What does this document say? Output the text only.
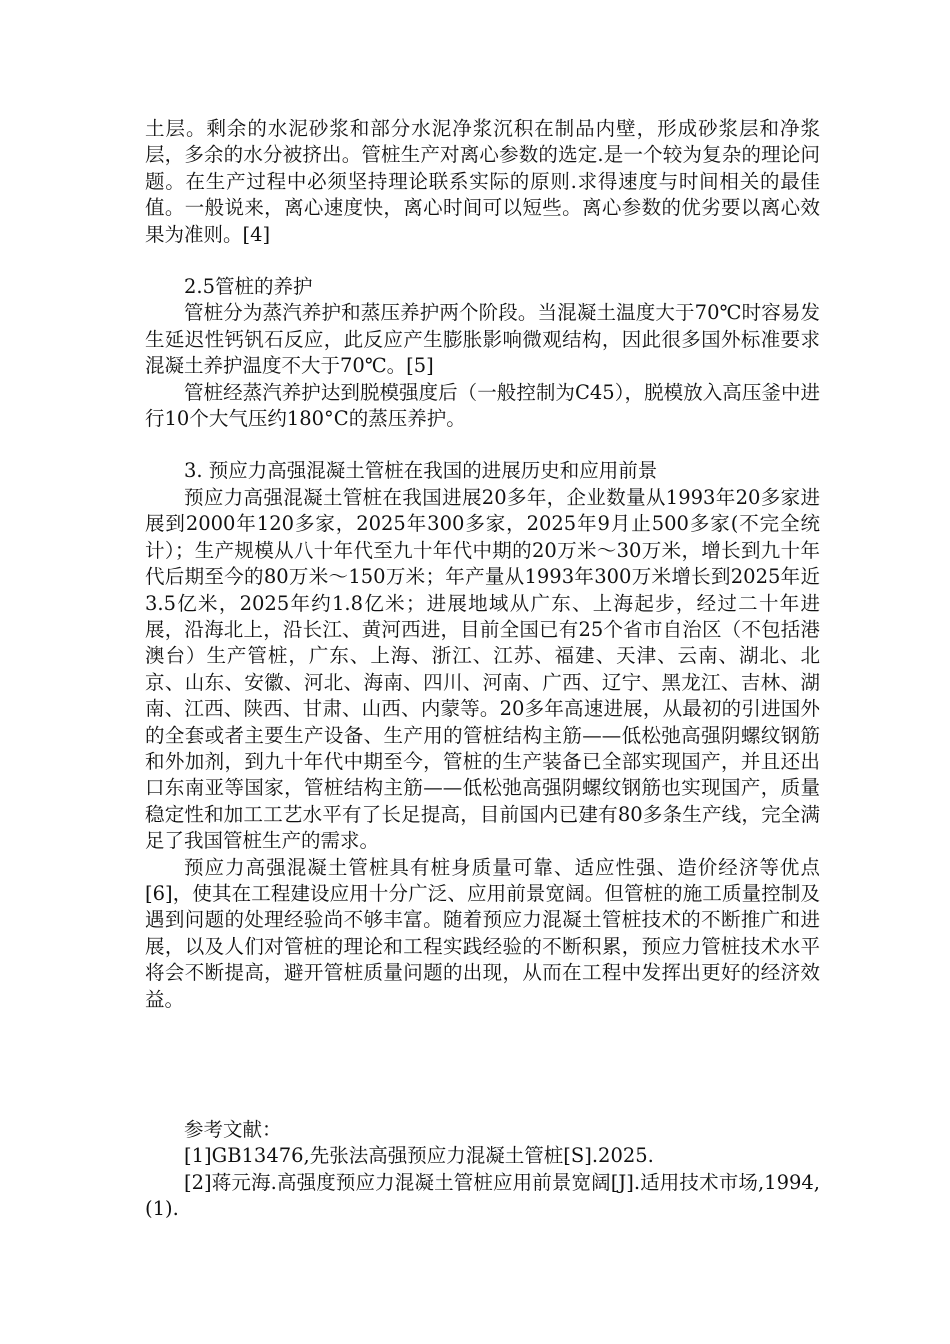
土层。剩余的水泥砂浆和部分水泥净浆沉积在制品内壁，形成砂浆层和净浆层，多余的水分被挤出。管桩生产对离心参数的选定.是一个较为复杂的理论问题。在生产过程中必须坚持理论联系实际的原则.求得速度与时间相关的最佳值。一般说来，离心速度快，离心时间可以短些。离心参数的优劣要以离心效果为准则。[4]

2.5管桩的养护

管桩分为蒸汽养护和蒸压养护两个阶段。当混凝土温度大于70℃时容易发生延迟性钙钒石反应，此反应产生膨胀影响微观结构，因此很多国外标准要求混凝土养护温度不大于70℃。[5]

管桩经蒸汽养护达到脱模强度后（一般控制为C45），脱模放入高压釜中进行10个大气压约180°C的蒸压养护。

3. 预应力高强混凝土管桩在我国的进展历史和应用前景

预应力高强混凝土管桩在我国进展20多年，企业数量从1993年20多家进展到2000年120多家，2025年300多家，2025年9月止500多家(不完全统计）；生产规模从八十年代至九十年代中期的20万米～30万米，增长到九十年代后期至今的80万米～150万米；年产量从1993年300万米增长到2025年近3.5亿米，2025年约1.8亿米；进展地域从广东、上海起步，经过二十年进展，沿海北上，沿长江、黄河西进，目前全国已有25个省市自治区（不包括港澳台）生产管桩，广东、上海、浙江、江苏、福建、天津、云南、湖北、北京、山东、安徽、河北、海南、四川、河南、广西、辽宁、黑龙江、吉林、湖南、江西、陕西、甘肃、山西、内蒙等。20多年高速进展，从最初的引进国外的全套或者主要生产设备、生产用的管桩结构主筋——低松弛高强阴螺纹钢筋和外加剂，到九十年代中期至今，管桩的生产装备已全部实现国产，并且还出口东南亚等国家，管桩结构主筋——低松弛高强阴螺纹钢筋也实现国产，质量稳定性和加工工艺水平有了长足提高，目前国内已建有80多条生产线，完全满足了我国管桩生产的需求。

预应力高强混凝土管桩具有桩身质量可靠、适应性强、造价经济等优点[6]，使其在工程建设应用十分广泛、应用前景宽阔。但管桩的施工质量控制及遇到问题的处理经验尚不够丰富。随着预应力混凝土管桩技术的不断推广和进展，以及人们对管桩的理论和工程实践经验的不断积累，预应力管桩技术水平将会不断提高，避开管桩质量问题的出现，从而在工程中发挥出更好的经济效益。

参考文献：

[1]GB13476,先张法高强预应力混凝土管桩[S].2025.

[2]蒋元海.高强度预应力混凝土管桩应用前景宽阔[J].适用技术市场,1994,(1).
